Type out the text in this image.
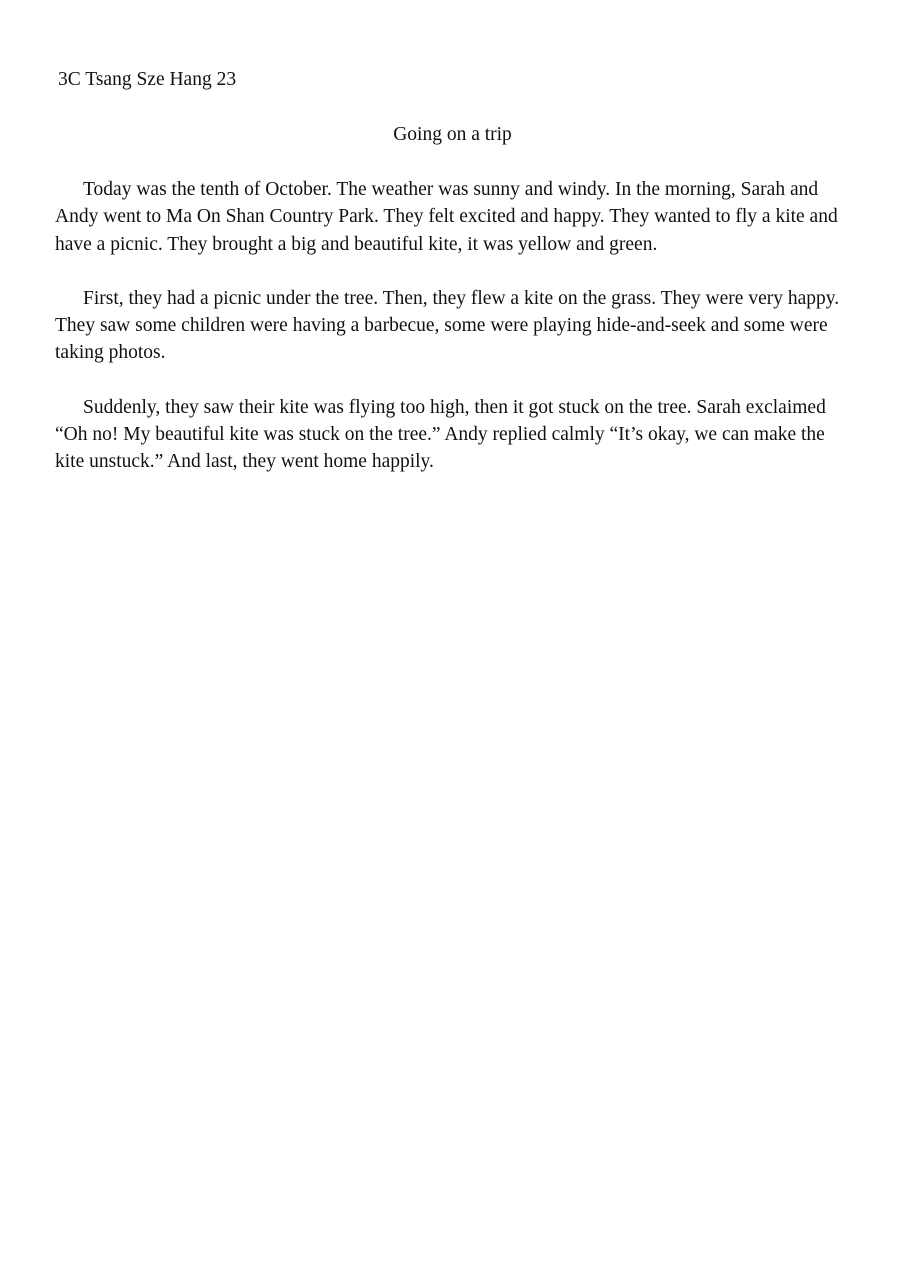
3C Tsang Sze Hang 23
Going on a trip

Today was the tenth of October. The weather was sunny and windy. In the morning, Sarah and Andy went to Ma On Shan Country Park. They felt excited and happy. They wanted to fly a kite and have a picnic. They brought a big and beautiful kite, it was yellow and green.

First, they had a picnic under the tree. Then, they flew a kite on the grass. They were very happy. They saw some children were having a barbecue, some were playing hide-and-seek and some were taking photos.

Suddenly, they saw their kite was flying too high, then it got stuck on the tree. Sarah exclaimed “Oh no! My beautiful kite was stuck on the tree.” Andy replied calmly “It’s okay, we can make the kite unstuck.” And last, they went home happily.
